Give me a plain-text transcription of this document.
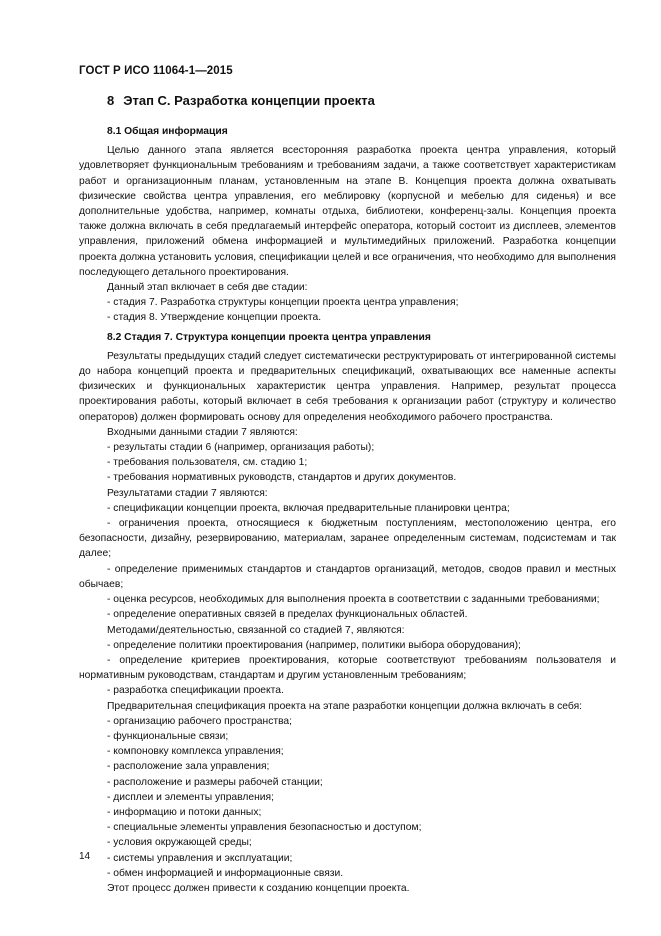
ГОСТ Р ИСО 11064-1—2015
8 Этап С. Разработка концепции проекта

8.1 Общая информация

Целью данного этапа является всесторонняя разработка проекта центра управления, который удовлетворяет функциональным требованиям и требованиям задачи, а также соответствует характеристикам работ и организационным планам, установленным на этапе В. Концепция проекта должна охватывать физические свойства центра управления, его меблировку (корпусной и мебелью для сиденья) и все дополнительные удобства, например, комнаты отдыха, библиотеки, конференц-залы. Концепция проекта также должна включать в себя предлагаемый интерфейс оператора, который состоит из дисплеев, элементов управления, приложений обмена информацией и мультимедийных приложений. Разработка концепции проекта должна установить условия, спецификации целей и все ограничения, что необходимо для выполнения последующего детального проектирования.

Данный этап включает в себя две стадии:

- стадия 7. Разработка структуры концепции проекта центра управления;

- стадия 8. Утверждение концепции проекта.

8.2 Стадия 7. Структура концепции проекта центра управления

Результаты предыдущих стадий следует систематически реструктурировать от интегрированной системы до набора концепций проекта и предварительных спецификаций, охватывающих все наменные аспекты физических и функциональных характеристик центра управления. Например, результат процесса проектирования работы, который включает в себя требования к организации работ (структуру и количество операторов) должен формировать основу для определения необходимого рабочего пространства.

Входными данными стадии 7 являются:

- результаты стадии 6 (например, организация работы);

- требования пользователя, см. стадию 1;

- требования нормативных руководств, стандартов и других документов.

Результатами стадии 7 являются:

- спецификации концепции проекта, включая предварительные планировки центра;

- ограничения проекта, относящиеся к бюджетным поступлениям, местоположению центра, его безопасности, дизайну, резервированию, материалам, заранее определенным системам, подсистемам и так далее;

- определение применимых стандартов и стандартов организаций, методов, сводов правил и местных обычаев;

- оценка ресурсов, необходимых для выполнения проекта в соответствии с заданными требованиями;

- определение оперативных связей в пределах функциональных областей.

Методами/деятельностью, связанной со стадией 7, являются:

- определение политики проектирования (например, политики выбора оборудования);

- определение критериев проектирования, которые соответствуют требованиям пользователя и нормативным руководствам, стандартам и другим установленным требованиям;

- разработка спецификации проекта.

Предварительная спецификация проекта на этапе разработки концепции должна включать в себя:

- организацию рабочего пространства;

- функциональные связи;

- компоновку комплекса управления;

- расположение зала управления;

- расположение и размеры рабочей станции;

- дисплеи и элементы управления;

- информацию и потоки данных;

- специальные элементы управления безопасностью и доступом;

- условия окружающей среды;

- системы управления и эксплуатации;

- обмен информацией и информационные связи.

Этот процесс должен привести к созданию концепции проекта.

14
